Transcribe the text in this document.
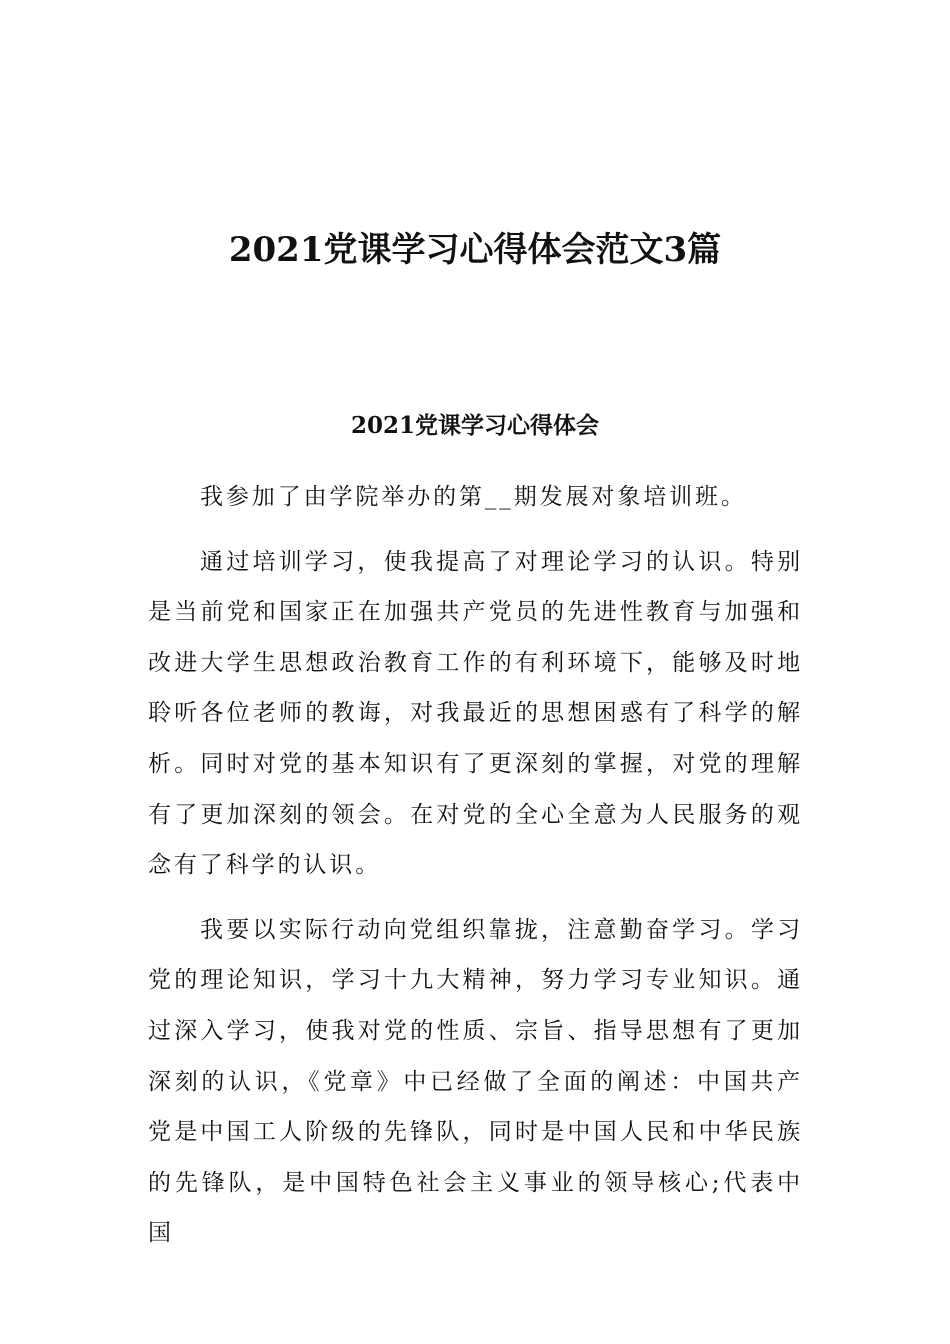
2021党课学习心得体会范文3篇
2021党课学习心得体会

我参加了由学院举办的第__期发展对象培训班。

通过培训学习，使我提高了对理论学习的认识。特别是当前党和国家正在加强共产党员的先进性教育与加强和改进大学生思想政治教育工作的有利环境下，能够及时地聆听各位老师的教诲，对我最近的思想困惑有了科学的解析。同时对党的基本知识有了更深刻的掌握，对党的理解有了更加深刻的领会。在对党的全心全意为人民服务的观念有了科学的认识。

我要以实际行动向党组织靠拢，注意勤奋学习。学习党的理论知识，学习十九大精神，努力学习专业知识。通过深入学习，使我对党的性质、宗旨、指导思想有了更加深刻的认识，《党章》中已经做了全面的阐述：中国共产党是中国工人阶级的先锋队，同时是中国人民和中华民族的先锋队，是中国特色社会主义事业的领导核心;代表中国
